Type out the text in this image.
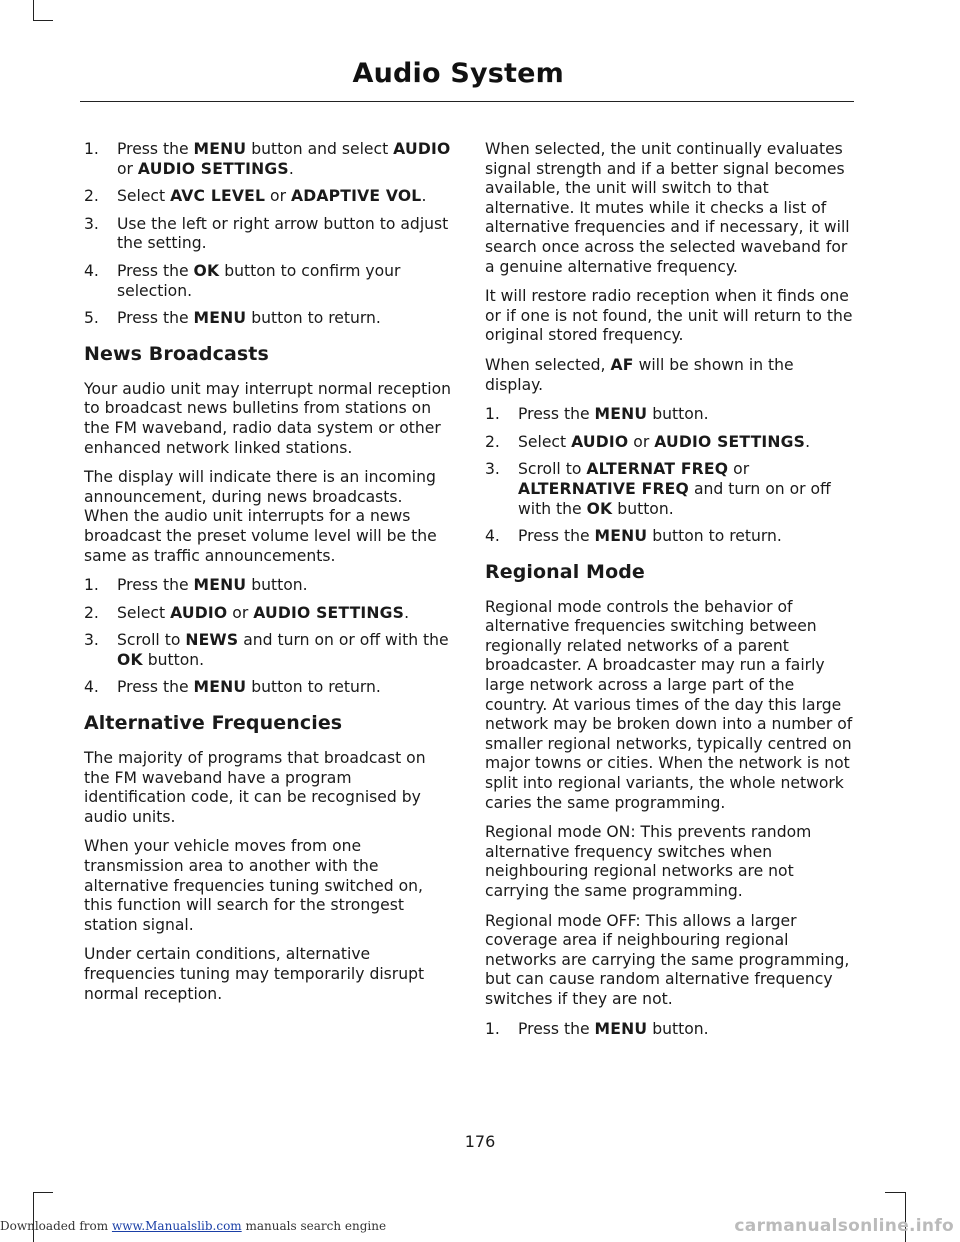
Audio System
1. Press the MENU button and select AUDIO or AUDIO SETTINGS.
2. Select AVC LEVEL or ADAPTIVE VOL.
3. Use the left or right arrow button to adjust the setting.
4. Press the OK button to confirm your selection.
5. Press the MENU button to return.
News Broadcasts

Your audio unit may interrupt normal reception to broadcast news bulletins from stations on the FM waveband, radio data system or other enhanced network linked stations.

The display will indicate there is an incoming announcement, during news broadcasts. When the audio unit interrupts for a news broadcast the preset volume level will be the same as traffic announcements.

1. Press the MENU button.
2. Select AUDIO or AUDIO SETTINGS.
3. Scroll to NEWS and turn on or off with the OK button.
4. Press the MENU button to return.
Alternative Frequencies

The majority of programs that broadcast on the FM waveband have a program identification code, it can be recognised by audio units.

When your vehicle moves from one transmission area to another with the alternative frequencies tuning switched on, this function will search for the strongest station signal.

Under certain conditions, alternative frequencies tuning may temporarily disrupt normal reception.

When selected, the unit continually evaluates signal strength and if a better signal becomes available, the unit will switch to that alternative. It mutes while it checks a list of alternative frequencies and if necessary, it will search once across the selected waveband for a genuine alternative frequency.

It will restore radio reception when it finds one or if one is not found, the unit will return to the original stored frequency.

When selected, AF will be shown in the display.

1. Press the MENU button.
2. Select AUDIO or AUDIO SETTINGS.
3. Scroll to ALTERNAT FREQ or ALTERNATIVE FREQ and turn on or off with the OK button.
4. Press the MENU button to return.
Regional Mode

Regional mode controls the behavior of alternative frequencies switching between regionally related networks of a parent broadcaster. A broadcaster may run a fairly large network across a large part of the country. At various times of the day this large network may be broken down into a number of smaller regional networks, typically centred on major towns or cities. When the network is not split into regional variants, the whole network caries the same programming.

Regional mode ON: This prevents random alternative frequency switches when neighbouring regional networks are not carrying the same programming.

Regional mode OFF: This allows a larger coverage area if neighbouring regional networks are carrying the same programming, but can cause random alternative frequency switches if they are not.

1. Press the MENU button.
176
Downloaded from www.Manualslib.com manuals search engine	carmanualsonline.info
